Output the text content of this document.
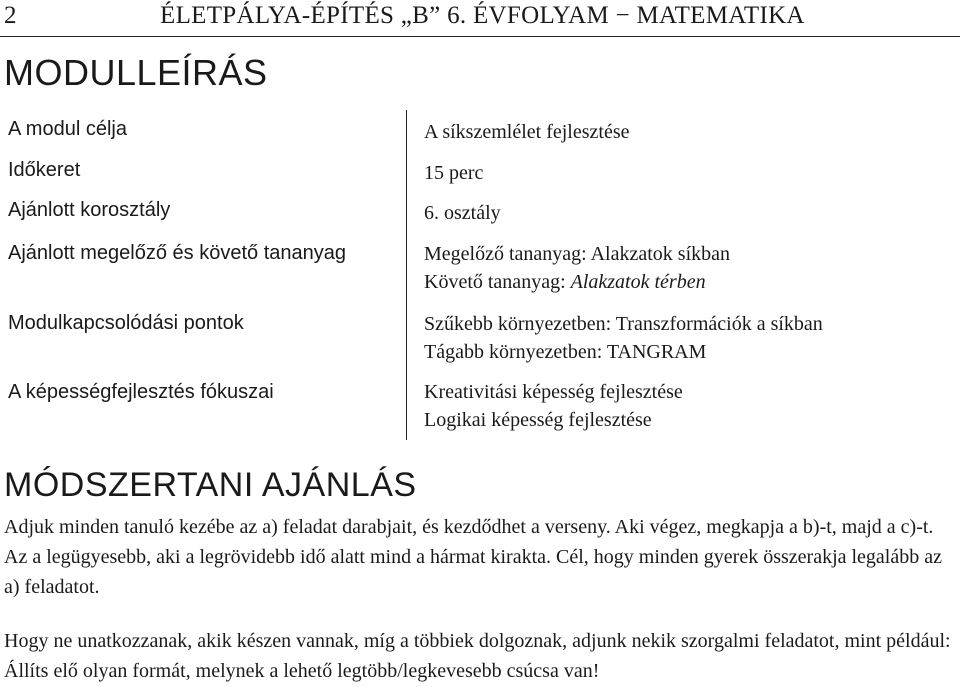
2	ÉLETPÁLYA-ÉPÍTÉS „B” 6. ÉVFOLYAM − MATEMATIKA
MODULLEÍRÁS
A modul célja	A síkszemlélet fejlesztése
Időkeret	15 perc
Ajánlott korosztály	6. osztály
Ajánlott megelőző és követő tananyag	Megelőző tananyag: Alakzatok síkban
Követő tananyag: Alakzatok térben
Modulkapcsolódási pontok	Szűkebb környezetben: Transzformációk a síkban
Tágabb környezetben: TANGRAM
A képességfejlesztés fókuszai	Kreativitási képesség fejlesztése
Logikai képesség fejlesztése
MÓDSZERTANI AJÁNLÁS
Adjuk minden tanuló kezébe az a) feladat darabjait, és kezdődhet a verseny. Aki végez, megkapja a b)-t, majd a c)-t. Az a legügyesebb, aki a legrövidebb idő alatt mind a hármat kirakta. Cél, hogy minden gyerek összerakja legalább az a) feladatot.
Hogy ne unatkozzanak, akik készen vannak, míg a többiek dolgoznak, adjunk nekik szorgalmi feladatot, mint például: Állíts elő olyan formát, melynek a lehető legtöbb/legkevesebb csúcsa van!
